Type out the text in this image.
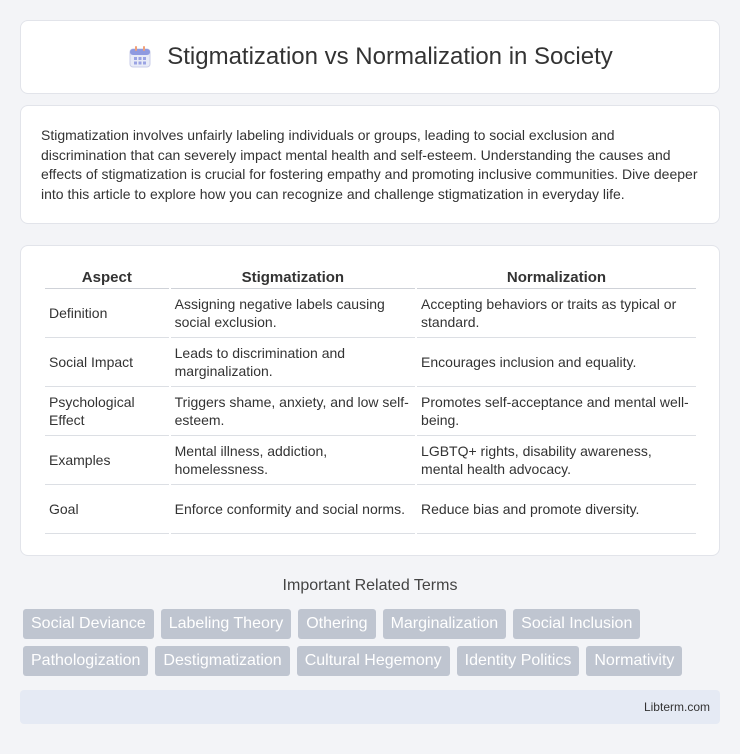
Stigmatization vs Normalization in Society

Stigmatization involves unfairly labeling individuals or groups, leading to social exclusion and discrimination that can severely impact mental health and self-esteem. Understanding the causes and effects of stigmatization is crucial for fostering empathy and promoting inclusive communities. Dive deeper into this article to explore how you can recognize and challenge stigmatization in everyday life.

Aspect	Stigmatization	Normalization
Definition	Assigning negative labels causing social exclusion.	Accepting behaviors or traits as typical or standard.
Social Impact	Leads to discrimination and marginalization.	Encourages inclusion and equality.
Psychological Effect	Triggers shame, anxiety, and low self-esteem.	Promotes self-acceptance and mental well-being.
Examples	Mental illness, addiction, homelessness.	LGBTQ+ rights, disability awareness, mental health advocacy.
Goal	Enforce conformity and social norms.	Reduce bias and promote diversity.
Important Related Terms
Social Deviance	Labeling Theory	Othering	Marginalization	Social Inclusion
Pathologization	Destigmatization	Cultural Hegemony	Identity Politics	Normativity
Libterm.com
